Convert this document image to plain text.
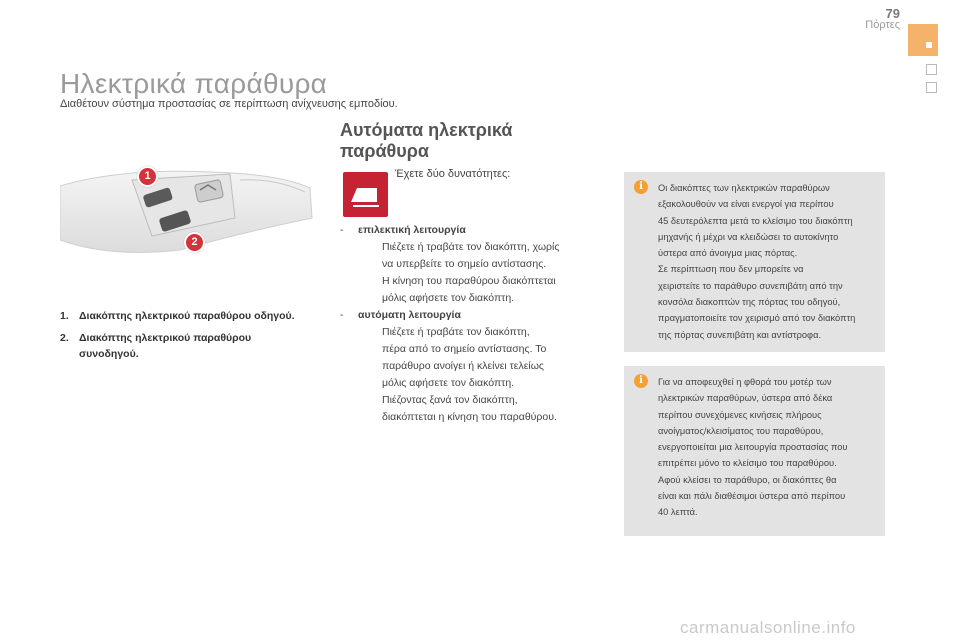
79
Πόρτες
Ηλεκτρικά παράθυρα
Διαθέτουν σύστημα προστασίας σε περίπτωση ανίχνευσης εμποδίου.
1
2
1. Διακόπτης ηλεκτρικού παραθύρου οδηγού.
2. Διακόπτης ηλεκτρικού παραθύρου συνοδηγού.
Αυτόματα ηλεκτρικά
παράθυρα
Έχετε δύο δυνατότητες:
-	επιλεκτική λειτουργία
Πιέζετε ή τραβάτε τον διακόπτη, χωρίς
να υπερβείτε το σημείο αντίστασης.
Η κίνηση του παραθύρου διακόπτεται
μόλις αφήσετε τον διακόπτη.
-	αυτόματη λειτουργία
Πιέζετε ή τραβάτε τον διακόπτη,
πέρα από το σημείο αντίστασης. Το
παράθυρο ανοίγει ή κλείνει τελείως
μόλις αφήσετε τον διακόπτη.
Πιέζοντας ξανά τον διακόπτη,
διακόπτεται η κίνηση του παραθύρου.
i	Οι διακόπτες των ηλεκτρικών παραθύρων
εξακολουθούν να είναι ενεργοί για περίπου
45 δευτερόλεπτα μετά το κλείσιμο του διακόπτη
μηχανής ή μέχρι να κλειδώσει το αυτοκίνητο
ύστερα από άνοιγμα μιας πόρτας.
Σε περίπτωση που δεν μπορείτε να
χειριστείτε το παράθυρο συνεπιβάτη από την
κονσόλα διακοπτών της πόρτας του οδηγού,
πραγματοποιείτε τον χειρισμό από τον διακόπτη
της πόρτας συνεπιβάτη και αντίστροφα.
i	Για να αποφευχθεί η φθορά του μοτέρ των
ηλεκτρικών παραθύρων, ύστερα από δέκα
περίπου συνεχόμενες κινήσεις πλήρους
ανοίγματος/κλεισίματος του παραθύρου,
ενεργοποιείται μια λειτουργία προστασίας που
επιτρέπει μόνο το κλείσιμο του παραθύρου.
Αφού κλείσει το παράθυρο, οι διακόπτες θα
είναι και πάλι διαθέσιμοι ύστερα από περίπου
40 λεπτά.
carmanualsonline.info
